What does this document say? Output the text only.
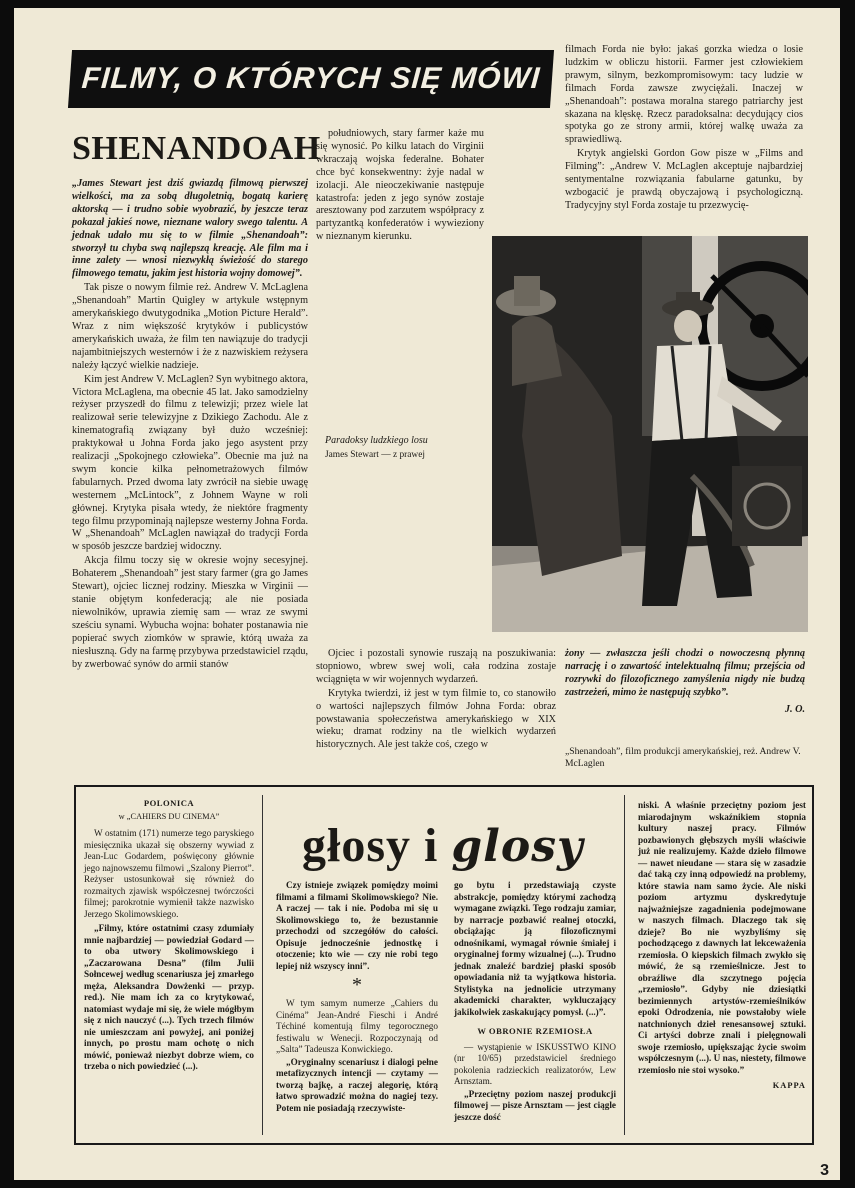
FILMY, O KTÓRYCH SIĘ MÓWI
SHENANDOAH

„James Stewart jest dziś gwiazdą filmową pierwszej wielkości, ma za sobą długoletnią, bogatą karierę aktorską — i trudno sobie wyobrazić, by jeszcze teraz pokazał jakieś nowe, nieznane walory swego talentu. A jednak udało mu się to w filmie „Shenandoah”: stworzył tu chyba swą najlepszą kreację. Ale film ma i inne zalety — wnosi niezwykłą świeżość do starego filmowego tematu, jakim jest historia wojny domowej”.

Tak pisze o nowym filmie reż. Andrew V. McLaglena „Shenandoah” Martin Quigley w artykule wstępnym amerykańskiego dwutygodnika „Motion Picture Herald”. Wraz z nim większość krytyków i publicystów amerykańskich uważa, że film ten nawiązuje do tradycji najambitniejszych westernów i że z nazwiskiem reżysera należy łączyć wielkie nadzieje.

Kim jest Andrew V. McLaglen? Syn wybitnego aktora, Victora McLaglena, ma obecnie 45 lat. Jako samodzielny reżyser przyszedł do filmu z telewizji; przez wiele lat realizował serie telewizyjne z Dzikiego Zachodu. Ale z kinematografią związany był dużo wcześniej: praktykował u Johna Forda jako jego asystent przy realizacji „Spokojnego człowieka”. Obecnie ma już na swym koncie kilka pełnometrażowych filmów fabularnych. Przed dwoma laty zwrócił na siebie uwagę westernem „McLintock”, z Johnem Wayne w roli głównej. Krytyka pisała wtedy, że niektóre fragmenty tego filmu przypominają najlepsze westerny Johna Forda. W „Shenandoah” McLaglen nawiązał do tradycji Forda w sposób jeszcze bardziej widoczny.

Akcja filmu toczy się w okresie wojny secesyjnej. Bohaterem „Shenandoah” jest stary farmer (gra go James Stewart), ojciec licznej rodziny. Mieszka w Virginii — stanie objętym konfederacją; ale nie posiada niewolników, uprawia ziemię sam — wraz ze swymi sześciu synami. Wybucha wojna: bohater postanawia nie popierać swych ziomków w sprawie, którą uważa za niesłuszną. Gdy na farmę przybywa przedstawiciel rządu, by zwerbować synów do armii stanów

południowych, stary farmer każe mu się wynosić. Po kilku latach do Virginii wkraczają wojska federalne. Bohater chce być konsekwentny: żyje nadal w izolacji. Ale nieoczekiwanie następuje katastrofa: jeden z jego synów zostaje aresztowany pod zarzutem współpracy z partyzantką konfederatów i wywieziony w nieznanym kierunku.

filmach Forda nie było: jakaś gorzka wiedza o losie ludzkim w obliczu historii. Farmer jest człowiekiem prawym, silnym, bezkompromisowym: tacy ludzie w filmach Forda zawsze zwyciężali. Inaczej w „Shenandoah”: postawa moralna starego patriarchy jest skazana na klęskę. Rzecz paradoksalna: decydujący cios spotyka go ze strony armii, której walkę uważa za sprawiedliwą.

Krytyk angielski Gordon Gow pisze w „Films and Filming”: „Andrew V. McLaglen akceptuje najbardziej sentymentalne rozwiązania fabularne gatunku, by wzbogacić je prawdą obyczajową i psychologiczną. Tradycyjny styl Forda zostaje tu przezwycię-

Paradoksy ludzkiego losu
James Stewart — z prawej

Ojciec i pozostali synowie ruszają na poszukiwania: stopniowo, wbrew swej woli, cała rodzina zostaje wciągnięta w wir wojennych wydarzeń.

Krytyka twierdzi, iż jest w tym filmie to, co stanowiło o wartości najlepszych filmów Johna Forda: obraz powstawania społeczeństwa amerykańskiego w XIX wieku; dramat rodziny na tle wielkich wydarzeń historycznych. Ale jest także coś, czego w

żony — zwłaszcza jeśli chodzi o nowoczesną płynną narrację i o zawartość intelektualną filmu; przejścia od rozrywki do filozoficznego zamyślenia nigdy nie budzą zastrzeżeń, mimo że następują szybko”.

J. O.

„Shenandoah”, film produkcji amerykańskiej, reż. Andrew V. McLaglen
głosy i glosy

POLONICA

w „CAHIERS DU CINEMA”

W ostatnim (171) numerze tego paryskiego miesięcznika ukazał się obszerny wywiad z Jean-Luc Godardem, poświęcony głównie jego najnowszemu filmowi „Szalony Pierrot”. Reżyser ustosunkował się również do rozmaitych zjawisk współczesnej twórczości filmej; parokrotnie wymienił także nazwisko Jerzego Skolimowskiego.

„Filmy, które ostatnimi czasy zdumiały mnie najbardziej — powiedział Godard — to oba utwory Skolimowskiego i „Zaczarowana Desna” (film Julii Sołncewej według scenariusza jej zmarłego męża, Aleksandra Dowżenki — przyp. red.). Nie mam ich za co krytykować, natomiast wydaje mi się, że wiele mógłbym się z nich nauczyć (...). Tych trzech filmów nie umieszczam ani powyżej, ani poniżej innych, po prostu mam ochotę o nich mówić, ponieważ niezbyt dobrze wiem, co trzeba o nich powiedzieć (...).

Czy istnieje związek pomiędzy moimi filmami a filmami Skolimowskiego? Nie. A raczej — tak i nie. Podoba mi się u Skolimowskiego to, że bezustannie przechodzi od szczegółów do całości. Opisuje jednocześnie jednostkę i otoczenie; kto wie — czy nie robi tego lepiej niż wszyscy inni”.

*

W tym samym numerze „Cahiers du Cinéma” Jean-André Fieschi i André Téchiné komentują filmy tegorocznego festiwalu w Wenecji. Rozpoczynają od „Salta” Tadeusza Konwickiego.

„Oryginalny scenariusz i dialogi pełne metafizycznych intencji — czytamy — tworzą bajkę, a raczej alegorię, którą łatwo sprowadzić można do nagiej tezy. Potem nie posiadają rzeczywiste-

go bytu i przedstawiają czyste abstrakcje, pomiędzy którymi zachodzą wymagane związki. Tego rodzaju zamiar, by narracje pozbawić realnej otoczki, obciążając ją filozoficznymi odnośnikami, wymagał równie śmiałej i oryginalnej formy wizualnej (...). Trudno jednak znaleźć bardziej płaski sposób opowiadania niż ta wyjątkowa historia. Stylistyka na jednolicie utrzymany akademicki charakter, wykluczający jakikolwiek zaskakujący pomysł. (...)”.

W OBRONIE RZEMIOSŁA

— wystąpienie w ISKUSSTWO KINO (nr 10/65) przedstawiciel średniego pokolenia radzieckich realizatorów, Lew Arnsztam.

„Przeciętny poziom naszej produkcji filmowej — pisze Arnsztam — jest ciągle jeszcze dość

niski. A właśnie przeciętny poziom jest miarodajnym wskaźnikiem stopnia kultury naszej pracy. Filmów pozbawionych głębszych myśli właściwie już nie realizujemy. Każde dzieło filmowe — nawet nieudane — stara się w zasadzie dać taką czy inną odpowiedź na problemy, które stawia nam samo życie. Ale niski poziom artyzmu dyskredytuje najważniejsze zagadnienia podejmowane w naszych filmach. Dlaczego tak się dzieje? Bo nie wyzbyliśmy się pochodzącego z dawnych lat lekceważenia rzemiosła. O kiepskich filmach zwykło się mówić, że są rzemieślnicze. Jest to obraźliwe dla szczytnego pojęcia „rzemiosło”. Gdyby nie dziesiątki bezimiennych artystów-rzemieślników epoki Odrodzenia, nie powstałoby wiele natchnionych dzieł renesansowej sztuki. Ci artyści dobrze znali i pielęgnowali swoje rzemiosło, upiększając życie swoim współczesnym (...). U nas, niestety, filmowe rzemiosło nie stoi wysoko.”

KAPPA

3
